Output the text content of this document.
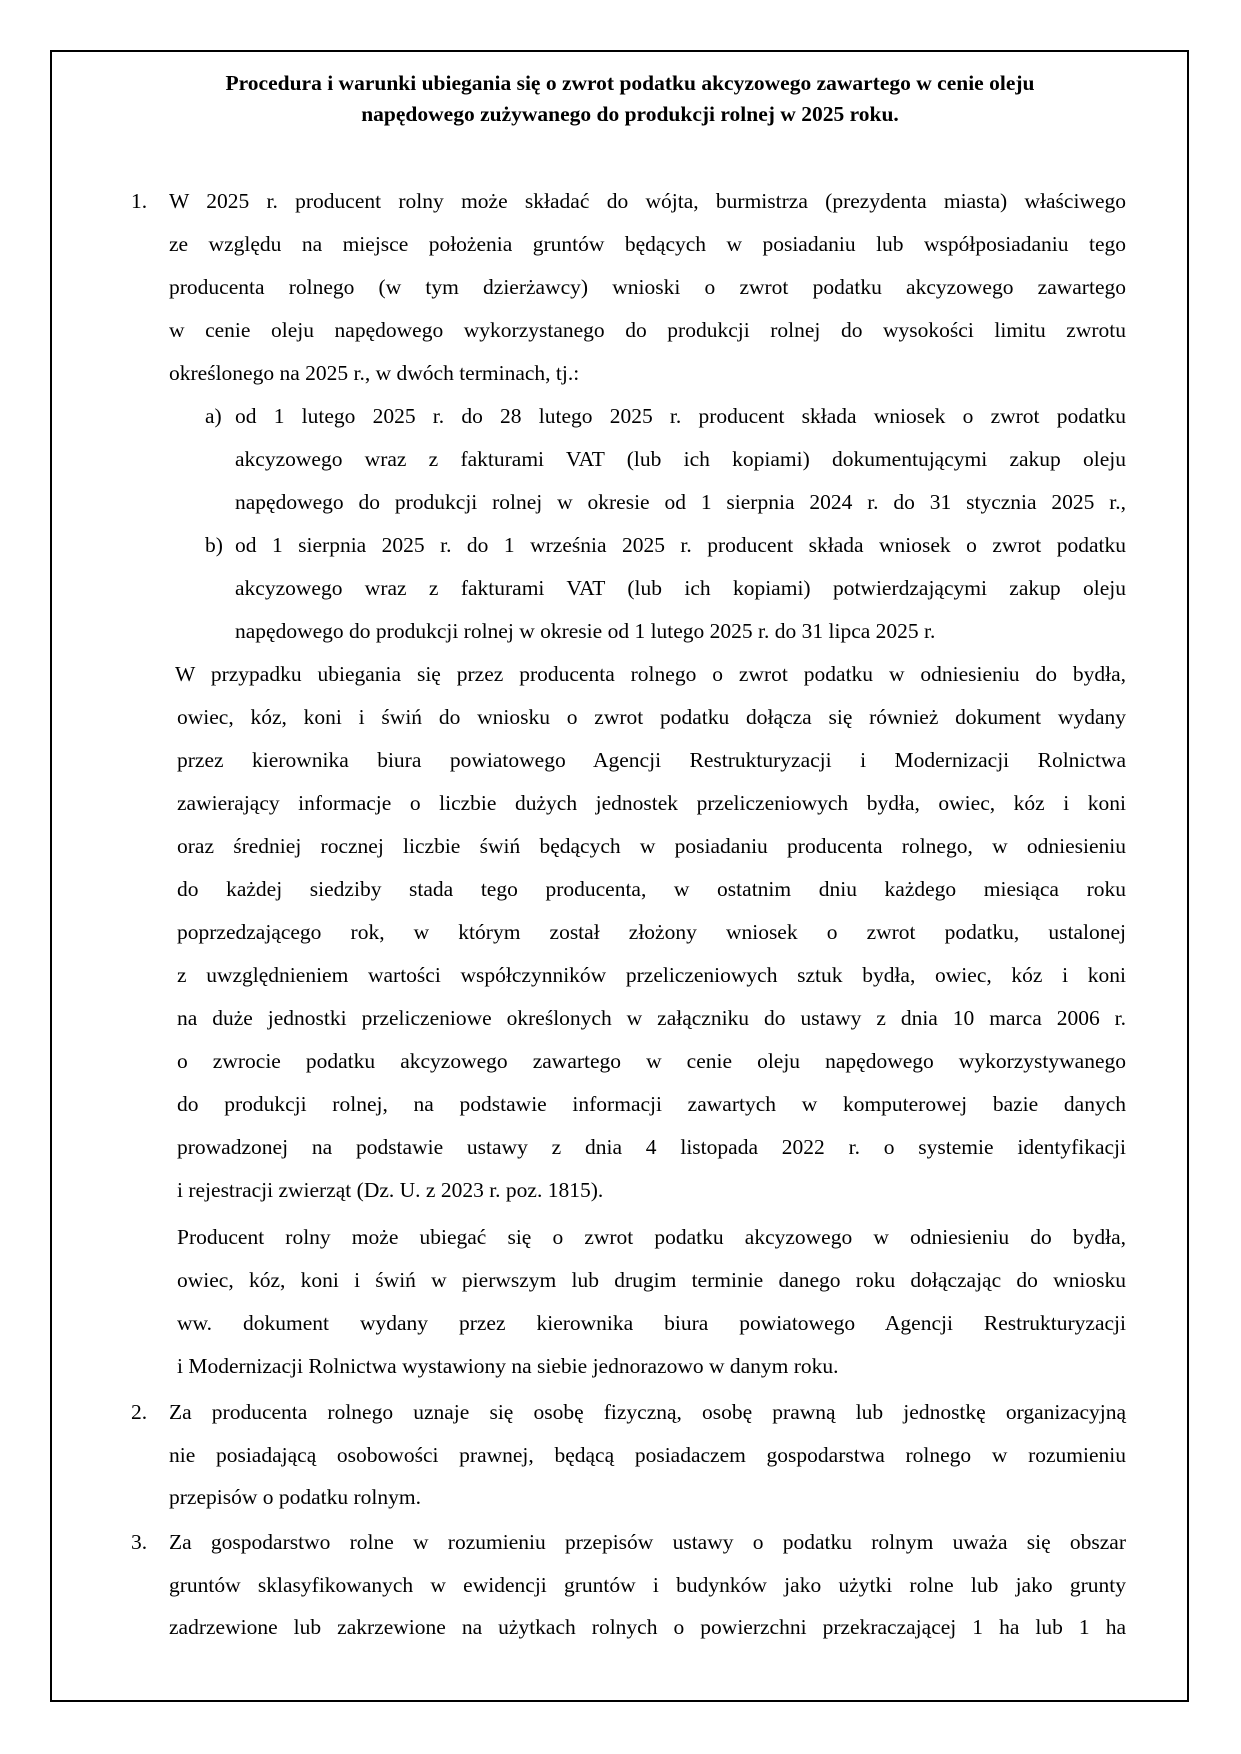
Procedura i warunki ubiegania się o zwrot podatku akcyzowego zawartego w cenie oleju
napędowego zużywanego do produkcji rolnej w 2025 roku.
1. W 2025 r. producent rolny może składać do wójta, burmistrza (prezydenta miasta) właściwego
ze względu na miejsce położenia gruntów będących w posiadaniu lub współposiadaniu tego
producenta rolnego (w tym dzierżawcy) wnioski o zwrot podatku akcyzowego zawartego
w cenie oleju napędowego wykorzystanego do produkcji rolnej do wysokości limitu zwrotu
określonego na 2025 r., w dwóch terminach, tj.:
a) od 1 lutego 2025 r. do 28 lutego 2025 r. producent składa wniosek o zwrot podatku
akcyzowego wraz z fakturami VAT (lub ich kopiami) dokumentującymi zakup oleju
napędowego do produkcji rolnej w okresie od 1 sierpnia 2024 r. do 31 stycznia 2025 r.,
b) od 1 sierpnia 2025 r. do 1 września 2025 r. producent składa wniosek o zwrot podatku
akcyzowego wraz z fakturami VAT (lub ich kopiami) potwierdzającymi zakup oleju
napędowego do produkcji rolnej w okresie od 1 lutego 2025 r. do 31 lipca 2025 r.
W przypadku ubiegania się przez producenta rolnego o zwrot podatku w odniesieniu do bydła,
owiec, kóz, koni i świń do wniosku o zwrot podatku dołącza się również dokument wydany
przez kierownika biura powiatowego Agencji Restrukturyzacji i Modernizacji Rolnictwa
zawierający informacje o liczbie dużych jednostek przeliczeniowych bydła, owiec, kóz i koni
oraz średniej rocznej liczbie świń będących w posiadaniu producenta rolnego, w odniesieniu
do każdej siedziby stada tego producenta, w ostatnim dniu każdego miesiąca roku
poprzedzającego rok, w którym został złożony wniosek o zwrot podatku, ustalonej
z uwzględnieniem wartości współczynników przeliczeniowych sztuk bydła, owiec, kóz i koni
na duże jednostki przeliczeniowe określonych w załączniku do ustawy z dnia 10 marca 2006 r.
o zwrocie podatku akcyzowego zawartego w cenie oleju napędowego wykorzystywanego
do produkcji rolnej, na podstawie informacji zawartych w komputerowej bazie danych
prowadzonej na podstawie ustawy z dnia 4 listopada 2022 r. o systemie identyfikacji
i rejestracji zwierząt (Dz. U. z 2023 r. poz. 1815).
Producent rolny może ubiegać się o zwrot podatku akcyzowego w odniesieniu do bydła,
owiec, kóz, koni i świń w pierwszym lub drugim terminie danego roku dołączając do wniosku
ww. dokument wydany przez kierownika biura powiatowego Agencji Restrukturyzacji
i Modernizacji Rolnictwa wystawiony na siebie jednorazowo w danym roku.
2. Za producenta rolnego uznaje się osobę fizyczną, osobę prawną lub jednostkę organizacyjną
nie posiadającą osobowości prawnej, będącą posiadaczem gospodarstwa rolnego w rozumieniu
przepisów o podatku rolnym.
3. Za gospodarstwo rolne w rozumieniu przepisów ustawy o podatku rolnym uważa się obszar
gruntów sklasyfikowanych w ewidencji gruntów i budynków jako użytki rolne lub jako grunty
zadrzewione lub zakrzewione na użytkach rolnych o powierzchni przekraczającej 1 ha lub 1 ha
